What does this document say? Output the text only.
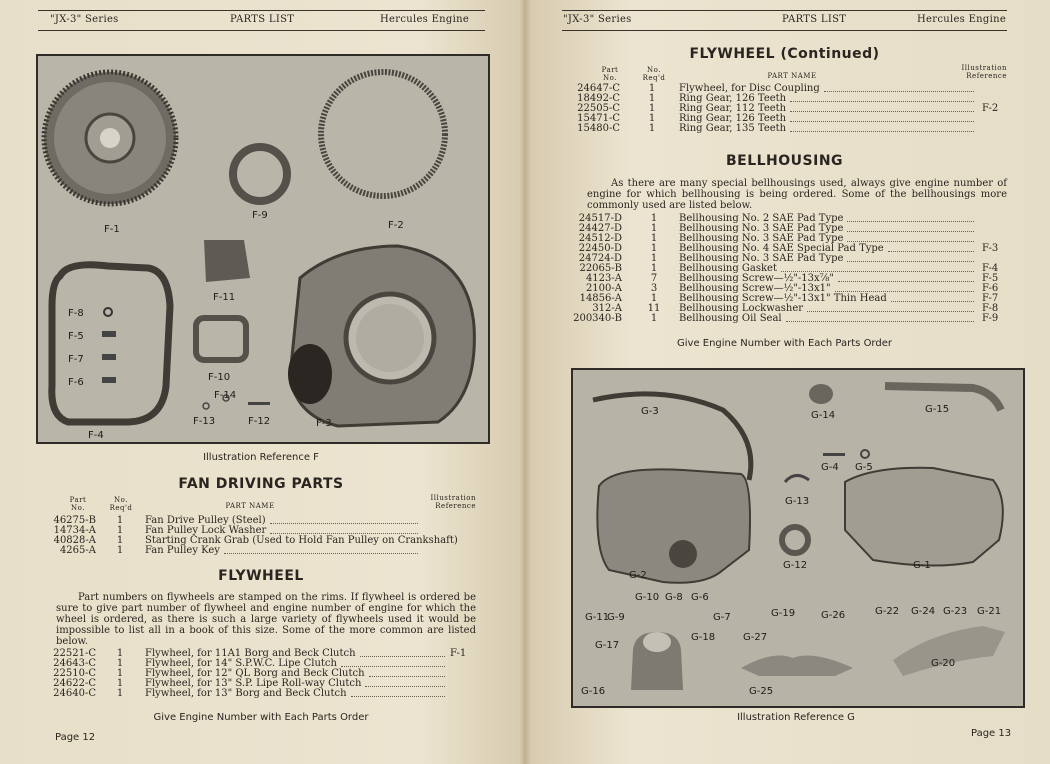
"JX-3" Series	PARTS LIST	Hercules Engine
F-1	F-2
F-9
F-11
F-8
F-5
F-7
F-6
F-4
F-10
F-14
F-13	F-12	F-3
Illustration Reference F
FAN DRIVING PARTS
Part
No.
No.
Req'd	PART NAME
Illustration
Reference
46275-B	1	Fan Drive Pulley (Steel)
14734-A	1	Fan Pulley Lock Washer
40828-A	1	Starting Crank Grab (Used to Hold Fan Pulley on Crankshaft)
4265-A	1	Fan Pulley Key
FLYWHEEL
Part numbers on flywheels are stamped on the rims. If flywheel is ordered be sure to give part number of flywheel and engine number of engine for which the wheel is ordered, as there is such a large variety of flywheels used it would be impossible to list all in a book of this size. Some of the more common are listed below.
22521-C	1	Flywheel, for 11A1 Borg and Beck Clutch	F-1
24643-C	1	Flywheel, for 14" S.P.W.C. Lipe Clutch
22510-C	1	Flywheel, for 12" QL Borg and Beck Clutch
24622-C	1	Flywheel, for 13" S.P. Lipe Roll-way Clutch
24640-C	1	Flywheel, for 13" Borg and Beck Clutch
Give Engine Number with Each Parts Order
Page 12
"JX-3" Series	PARTS LIST	Hercules Engine
FLYWHEEL (Continued)
Part
No.
No.
Req'd	PART NAME
Illustration
Reference
24647-C	1	Flywheel, for Disc Coupling
18492-C	1	Ring Gear, 126 Teeth
22505-C	1	Ring Gear, 112 Teeth	F-2
15471-C	1	Ring Gear, 126 Teeth
15480-C	1	Ring Gear, 135 Teeth
BELLHOUSING
As there are many special bellhousings used, always give engine number of engine for which bellhousing is being ordered. Some of the bellhousings more commonly used are listed below.
24517-D	1	Bellhousing No. 2 SAE Pad Type
24427-D	1	Bellhousing No. 3 SAE Pad Type
24512-D	1	Bellhousing No. 3 SAE Pad Type
22450-D	1	Bellhousing No. 4 SAE Special Pad Type	F-3
24724-D	1	Bellhousing No. 3 SAE Pad Type
22065-B	1	Bellhousing Gasket	F-4
4123-A	7	Bellhousing Screw—½"-13x⅞"	F-5
2100-A	3	Bellhousing Screw—½"-13x1"	F-6
14856-A	1	Bellhousing Screw—½"-13x1" Thin Head	F-7
312-A	11	Bellhousing Lockwasher	F-8
200340-B	1	Bellhousing Oil Seal	F-9
Give Engine Number with Each Parts Order
G-3	G-14
G-15
G-4 G-5
G-13
G-1
G-12
G-2
G-10 G-8 G-6
G-11
G-9	G-7	G-19	G-26	G-22 G-24 G-23 G-21
G-18	G-27
G-17
G-20
G-16	G-25
Illustration Reference G
Page 13
